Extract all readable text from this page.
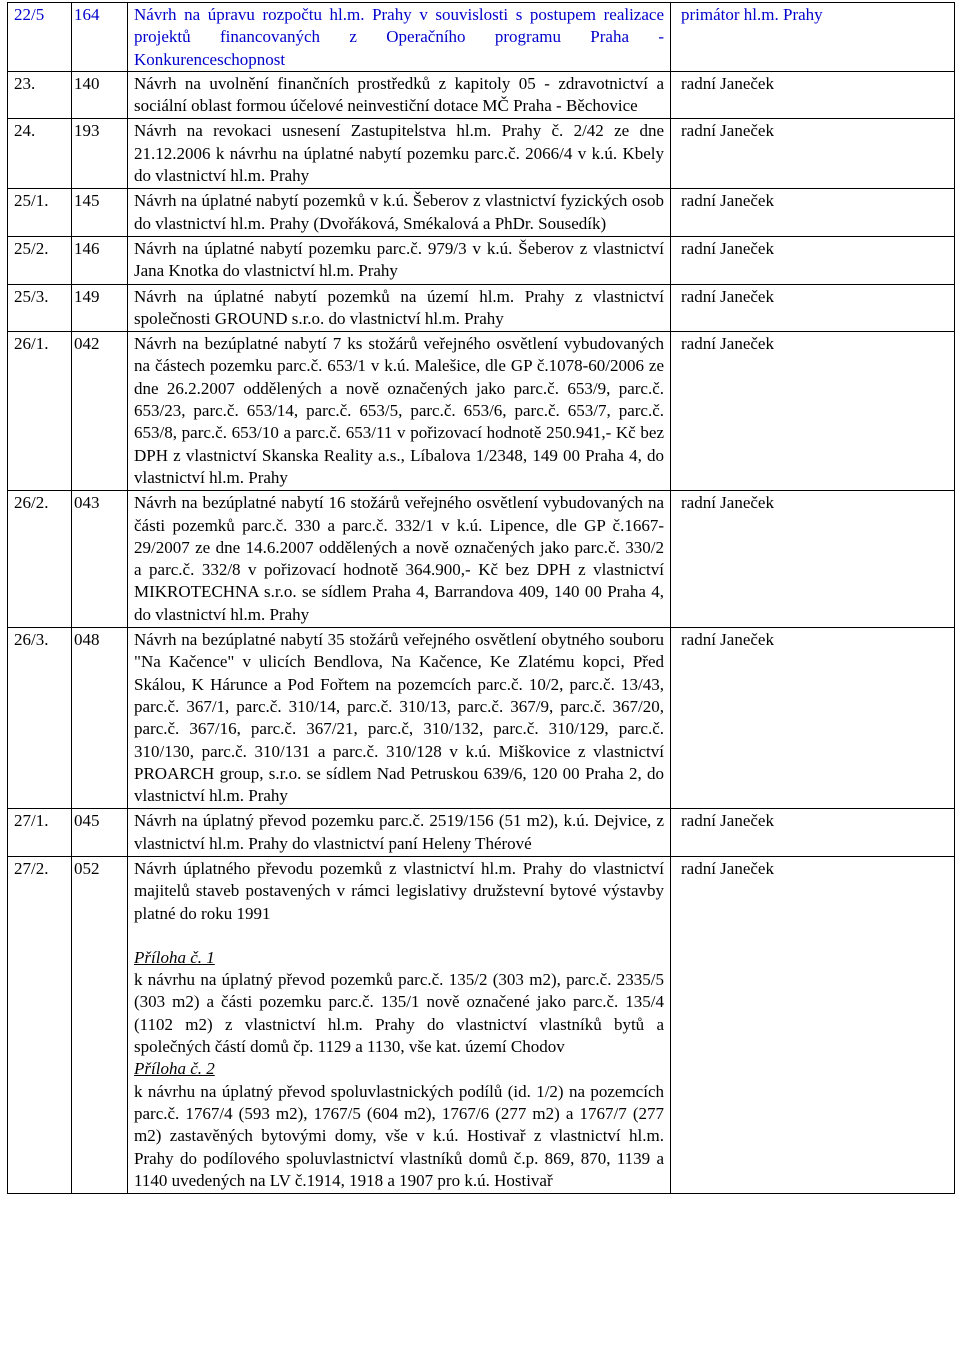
22/5	164	Návrh na úpravu rozpočtu hl.m. Prahy v souvislosti s postupem realizace projektů financovaných z Operačního programu Praha - Konkurenceschopnost	primátor hl.m. Prahy
23.	140	Návrh na uvolnění finančních prostředků z kapitoly 05 - zdravotnictví a sociální oblast formou účelové neinvestiční dotace MČ Praha - Běchovice	radní Janeček
24.	193	Návrh na revokaci usnesení Zastupitelstva hl.m. Prahy č. 2/42 ze dne 21.12.2006 k návrhu na úplatné nabytí pozemku parc.č. 2066/4 v k.ú. Kbely do vlastnictví hl.m. Prahy	radní Janeček
25/1.	145	Návrh na úplatné nabytí pozemků v k.ú. Šeberov z vlastnictví fyzických osob do vlastnictví hl.m. Prahy (Dvořáková, Smékalová a PhDr. Sousedík)	radní Janeček
25/2.	146	Návrh na úplatné nabytí pozemku parc.č. 979/3 v k.ú. Šeberov z vlastnictví Jana Knotka do vlastnictví hl.m. Prahy	radní Janeček
25/3.	149	Návrh na úplatné nabytí pozemků na území hl.m. Prahy z vlastnictví společnosti GROUND s.r.o. do vlastnictví hl.m. Prahy	radní Janeček
26/1.	042	Návrh na bezúplatné nabytí 7 ks stožárů veřejného osvětlení vybudovaných na částech pozemku parc.č. 653/1 v k.ú. Malešice, dle GP č.1078-60/2006 ze dne 26.2.2007 oddělených a nově označených jako parc.č. 653/9, parc.č. 653/23, parc.č. 653/14, parc.č. 653/5, parc.č. 653/6, parc.č. 653/7, parc.č. 653/8, parc.č. 653/10 a parc.č. 653/11 v pořizovací hodnotě 250.941,- Kč bez DPH z vlastnictví Skanska Reality a.s., Líbalova 1/2348, 149 00 Praha 4, do vlastnictví hl.m. Prahy	radní Janeček
26/2.	043	Návrh na bezúplatné nabytí 16 stožárů veřejného osvětlení vybudovaných na části pozemků parc.č. 330 a parc.č. 332/1 v k.ú. Lipence, dle GP č.1667-29/2007 ze dne 14.6.2007 oddělených a nově označených jako parc.č. 330/2 a parc.č. 332/8 v pořizovací hodnotě 364.900,- Kč bez DPH z vlastnictví MIKROTECHNA s.r.o. se sídlem Praha 4, Barrandova 409, 140 00 Praha 4, do vlastnictví hl.m. Prahy	radní Janeček
26/3.	048	Návrh na bezúplatné nabytí 35 stožárů veřejného osvětlení obytného souboru "Na Kačence" v ulicích Bendlova, Na Kačence, Ke Zlatému kopci, Před Skálou, K Hárunce a Pod Fořtem na pozemcích parc.č. 10/2, parc.č. 13/43, parc.č. 367/1, parc.č. 310/14, parc.č. 310/13, parc.č. 367/9, parc.č. 367/20, parc.č. 367/16, parc.č. 367/21, parc.č, 310/132, parc.č. 310/129, parc.č. 310/130, parc.č. 310/131 a parc.č. 310/128 v k.ú. Miškovice z vlastnictví PROARCH group, s.r.o. se sídlem Nad Petruskou 639/6, 120 00 Praha 2, do vlastnictví hl.m. Prahy	radní Janeček
27/1.	045	Návrh na úplatný převod pozemku parc.č. 2519/156 (51 m2), k.ú. Dejvice, z vlastnictví hl.m. Prahy do vlastnictví paní Heleny Thérové	radní Janeček
27/2.	052	Návrh úplatného převodu pozemků z vlastnictví hl.m. Prahy do vlastnictví majitelů staveb postavených v rámci legislativy družstevní bytové výstavby platné do roku 1991
Příloha č. 1
k návrhu na úplatný převod pozemků parc.č. 135/2 (303 m2), parc.č. 2335/5 (303 m2) a části pozemku parc.č. 135/1 nově označené jako parc.č. 135/4 (1102 m2) z vlastnictví hl.m. Prahy do vlastnictví vlastníků bytů a společných částí domů čp. 1129 a 1130, vše kat. území Chodov
Příloha č. 2
k návrhu na úplatný převod spoluvlastnických podílů (id. 1/2) na pozemcích parc.č. 1767/4 (593 m2), 1767/5 (604 m2), 1767/6 (277 m2) a 1767/7 (277 m2) zastavěných bytovými domy, vše v k.ú. Hostivař z vlastnictví hl.m. Prahy do podílového spoluvlastnictví vlastníků domů č.p. 869, 870, 1139 a 1140 uvedených na LV č.1914, 1918 a 1907 pro k.ú. Hostivař	radní Janeček
